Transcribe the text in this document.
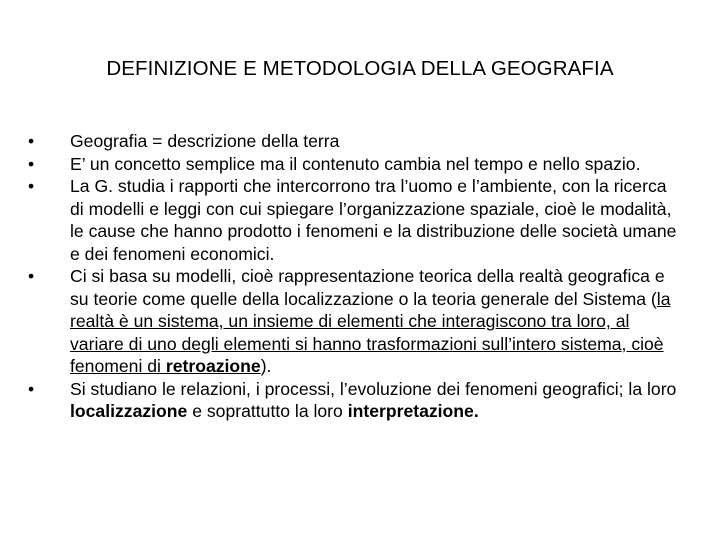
DEFINIZIONE E METODOLOGIA DELLA GEOGRAFIA
•	Geografia = descrizione della terra
•	E’ un concetto semplice ma il contenuto cambia nel tempo e nello spazio.
•	La G. studia i rapporti che intercorrono tra l’uomo e l’ambiente, con la ricerca di modelli e leggi con cui spiegare l’organizzazione spaziale, cioè le modalità, le cause che hanno prodotto i fenomeni e la distribuzione delle società umane e dei fenomeni economici.
•	Ci si basa su modelli, cioè rappresentazione teorica della realtà geografica e su teorie come quelle della localizzazione o la teoria generale del Sistema (la realtà è un sistema, un insieme di elementi che interagiscono tra loro, al variare di uno degli elementi si hanno trasformazioni sull’intero sistema, cioè fenomeni di retroazione).
•	Si studiano le relazioni, i processi, l’evoluzione dei fenomeni geografici; la loro localizzazione e soprattutto la loro interpretazione.
